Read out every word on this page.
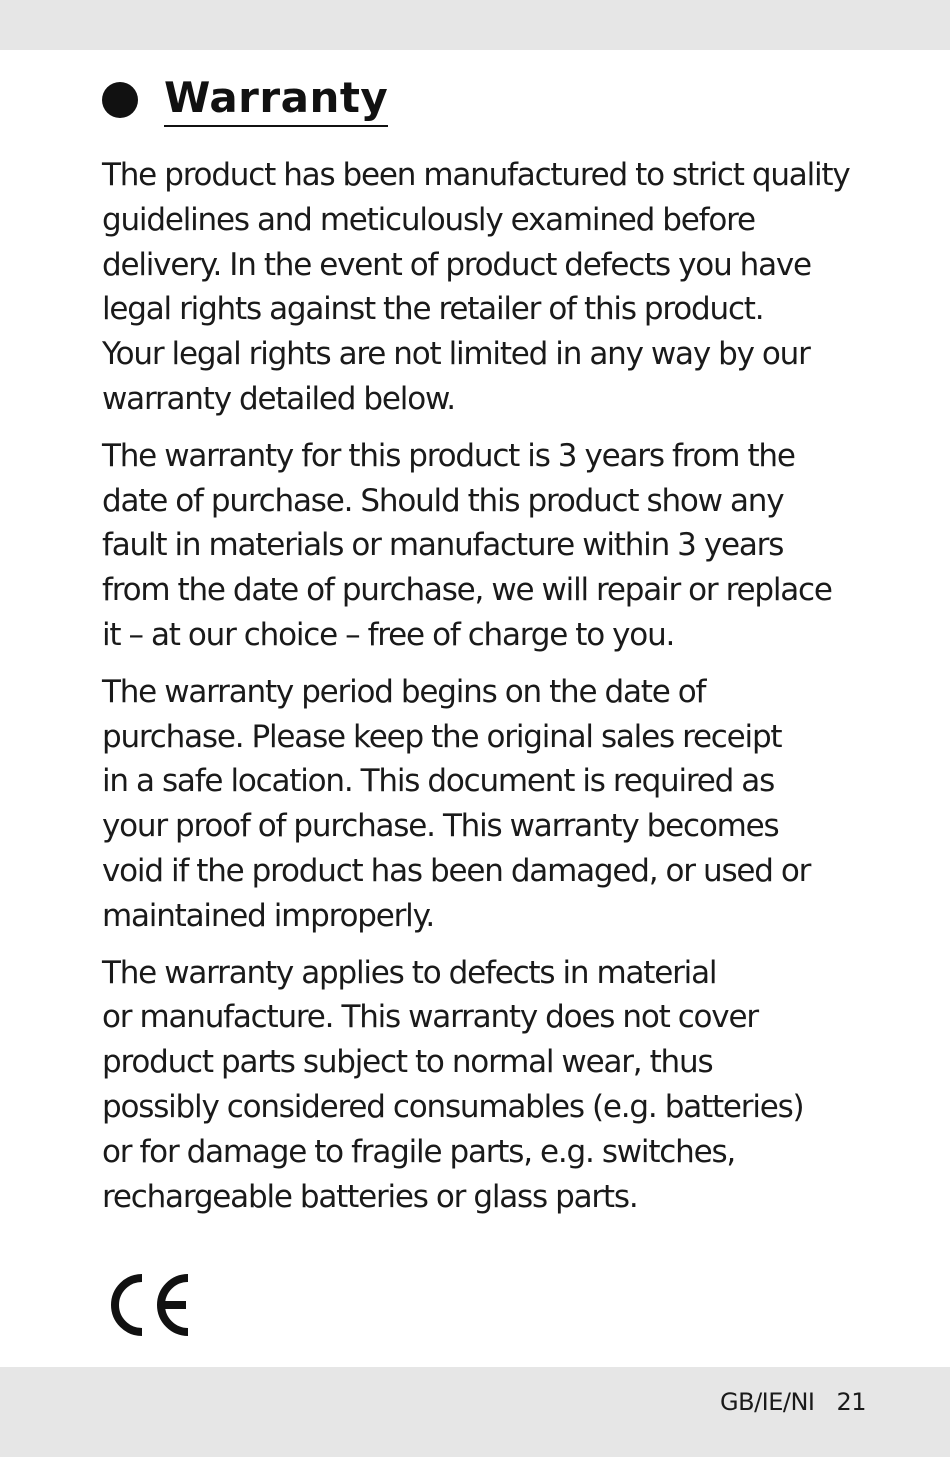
Warranty

The product has been manufactured to strict quality
guidelines and meticulously examined before
delivery. In the event of product defects you have
legal rights against the retailer of this product.
Your legal rights are not limited in any way by our
warranty detailed below.

The warranty for this product is 3 years from the
date of purchase. Should this product show any
fault in materials or manufacture within 3 years
from the date of purchase, we will repair or replace
it – at our choice – free of charge to you.

The warranty period begins on the date of
purchase. Please keep the original sales receipt
in a safe location. This document is required as
your proof of purchase. This warranty becomes
void if the product has been damaged, or used or
maintained improperly.

The warranty applies to defects in material
or manufacture. This warranty does not cover
product parts subject to normal wear, thus
possibly considered consumables (e.g. batteries)
or for damage to fragile parts, e.g. switches,
rechargeable batteries or glass parts.

GB/IE/NI 21
